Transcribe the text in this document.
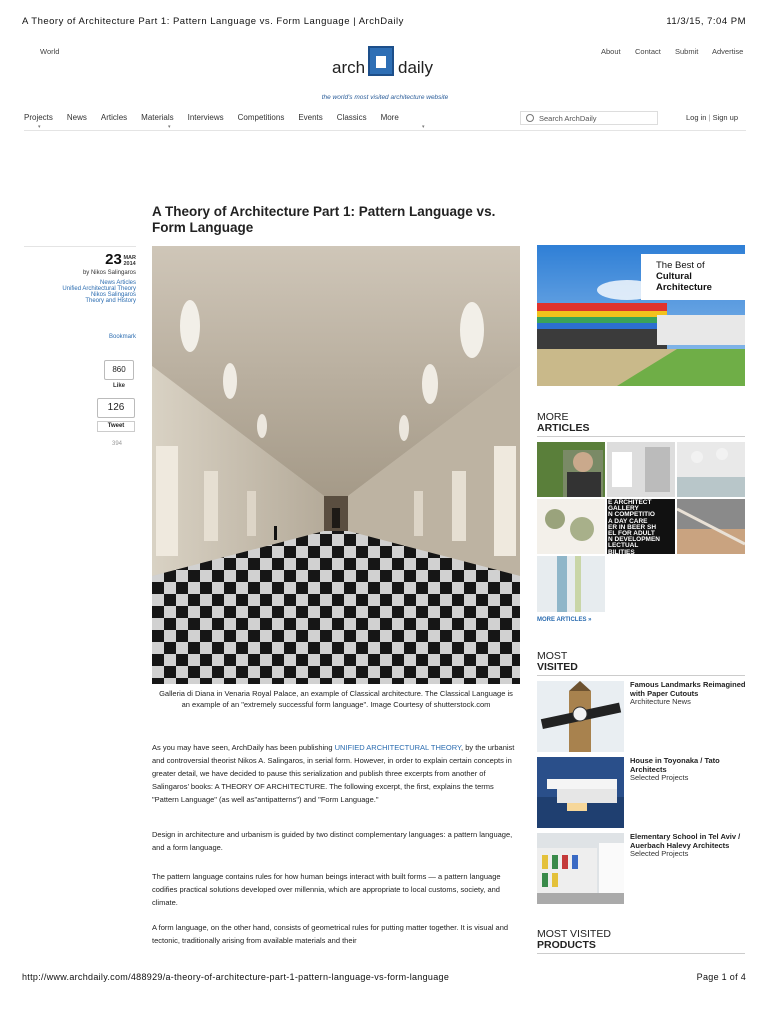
A Theory of Architecture Part 1: Pattern Language vs. Form Language | ArchDaily	11/3/15, 7:04 PM
World	About Contact Submit Advertise
arch daily
the world's most visited architecture website
Projects News Articles Materials Interviews Competitions Events Classics More
▾	▾	▾
Search ArchDaily	Log in | Sign up
A Theory of Architecture Part 1: Pattern Language vs. Form Language
23 MAR
2014
by Nikos Salingaros
News Articles
Unified Architectural Theory
Nikos Salingaros
Theory and History
Bookmark
860
Like
126
Tweet
394
Galleria di Diana in Venaria Royal Palace, an example of Classical architecture. The Classical Language is an example of an "extremely successful form language". Image Courtesy of shutterstock.com
As you may have seen, ArchDaily has been publishing UNIFIED ARCHITECTURAL THEORY, by the urbanist and controversial theorist Nikos A. Salingaros, in serial form. However, in order to explain certain concepts in greater detail, we have decided to pause this serialization and publish three excerpts from another of Salingaros’ books: A THEORY OF ARCHITECTURE. The following excerpt, the first, explains the terms "Pattern Language" (as well as"antipatterns") and "Form Language."
Design in architecture and urbanism is guided by two distinct complementary languages: a pattern language, and a form language.
The pattern language contains rules for how human beings interact with built forms — a pattern language codifies practical solutions developed over millennia, which are appropriate to local customs, society, and climate.
A form language, on the other hand, consists of geometrical rules for putting matter together. It is visual and tectonic, traditionally arising from available materials and their
The Best of
Cultural
Architecture
MORE
ARTICLES
E ARCHITECT
GALLERY
N COMPETITIO
A DAY CARE
ER IN BEER SH
EL FOR ADULT
N DEVELOPMEN
LECTUAL
BILITIES
MORE ARTICLES »
MOST
VISITED
Famous Landmarks Reimagined with Paper Cutouts
Architecture News
House in Toyonaka / Tato Architects
Selected Projects
Elementary School in Tel Aviv / Auerbach Halevy Architects
Selected Projects
MOST VISITED
PRODUCTS
http://www.archdaily.com/488929/a-theory-of-architecture-part-1-pattern-language-vs-form-language	Page 1 of 4
